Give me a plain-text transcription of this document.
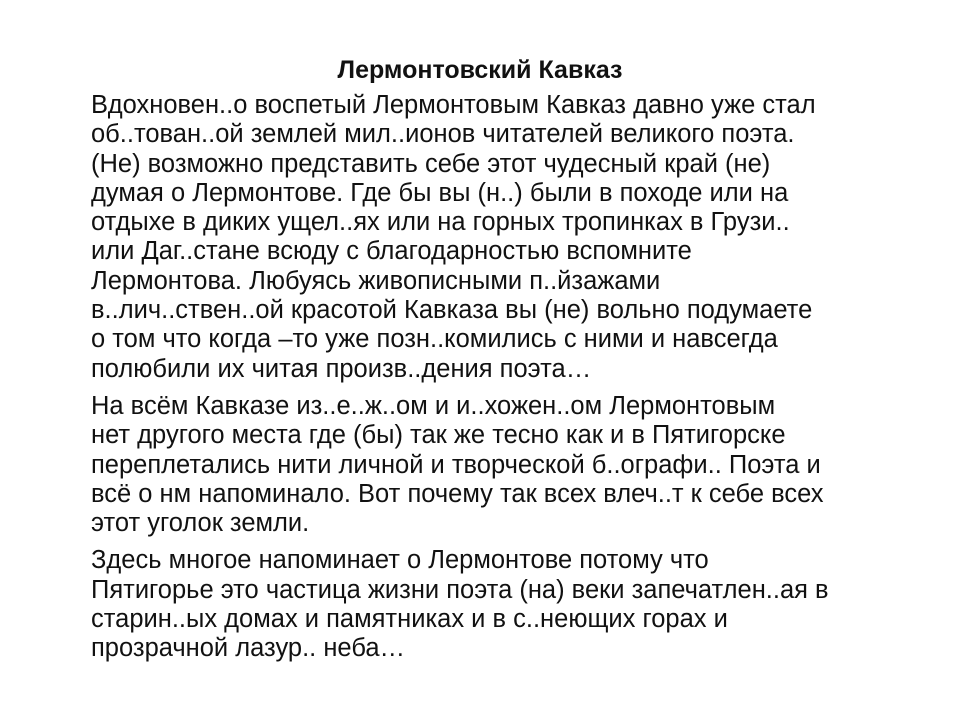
Лермонтовский Кавказ
Вдохновен..о воспетый Лермонтовым Кавказ давно уже стал
об..тован..ой землей мил..ионов читателей великого поэта.
(Не) возможно представить себе этот чудесный край (не)
думая о Лермонтове. Где бы вы (н..) были в походе или на
отдыхе в диких ущел..ях или на горных тропинках в Грузи..
или Даг..стане всюду с благодарностью вспомните
Лермонтова. Любуясь живописными п..йзажами
в..лич..ствен..ой красотой Кавказа вы (не) вольно подумаете
о том что когда –то уже позн..комились с ними и навсегда
полюбили их читая произв..дения поэта…
На всём Кавказе из..е..ж..ом и и..хожен..ом Лермонтовым
нет другого места где (бы) так же тесно как и в Пятигорске
переплетались нити личной и творческой б..ографи.. Поэта и
всё о нм напоминало. Вот почему так всех влеч..т к себе всех
этот уголок земли.
Здесь многое напоминает о Лермонтове потому что
Пятигорье это частица жизни поэта (на) веки запечатлен..ая в
старин..ых домах и памятниках и в с..неющих горах и
прозрачной лазур.. неба…
